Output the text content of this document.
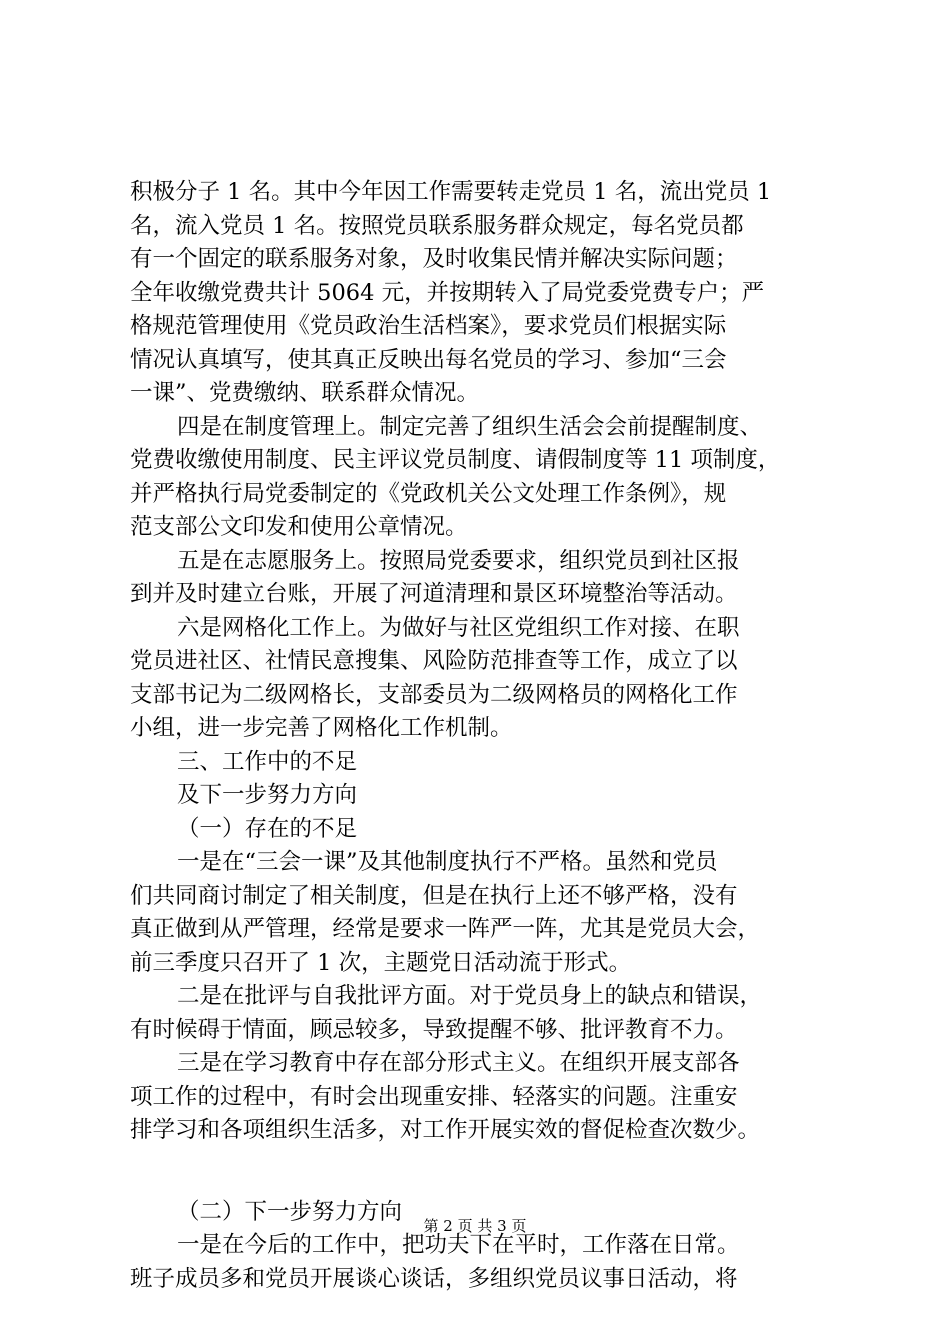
积极分子 1 名。其中今年因工作需要转走党员 1 名，流出党员 1
名，流入党员 1 名。按照党员联系服务群众规定，每名党员都
有一个固定的联系服务对象，及时收集民情并解决实际问题；
全年收缴党费共计 5064 元，并按期转入了局党委党费专户；严
格规范管理使用《党员政治生活档案》，要求党员们根据实际
情况认真填写，使其真正反映出每名党员的学习、参加“三会
一课”、党费缴纳、联系群众情况。
四是在制度管理上。制定完善了组织生活会会前提醒制度、
党费收缴使用制度、民主评议党员制度、请假制度等 11 项制度，
并严格执行局党委制定的《党政机关公文处理工作条例》，规
范支部公文印发和使用公章情况。
五是在志愿服务上。按照局党委要求，组织党员到社区报
到并及时建立台账，开展了河道清理和景区环境整治等活动。
六是网格化工作上。为做好与社区党组织工作对接、在职
党员进社区、社情民意搜集、风险防范排查等工作，成立了以
支部书记为二级网格长，支部委员为二级网格员的网格化工作
小组，进一步完善了网格化工作机制。
三、工作中的不足
及下一步努力方向
（一）存在的不足
一是在“三会一课”及其他制度执行不严格。虽然和党员
们共同商讨制定了相关制度，但是在执行上还不够严格，没有
真正做到从严管理，经常是要求一阵严一阵，尤其是党员大会，
前三季度只召开了 1 次，主题党日活动流于形式。
二是在批评与自我批评方面。对于党员身上的缺点和错误，
有时候碍于情面，顾忌较多，导致提醒不够、批评教育不力。
三是在学习教育中存在部分形式主义。在组织开展支部各
项工作的过程中，有时会出现重安排、轻落实的问题。注重安
排学习和各项组织生活多，对工作开展实效的督促检查次数少。
（二）下一步努力方向
一是在今后的工作中，把功夫下在平时，工作落在日常。
班子成员多和党员开展谈心谈话，多组织党员议事日活动，将
第 2 页 共 3 页
